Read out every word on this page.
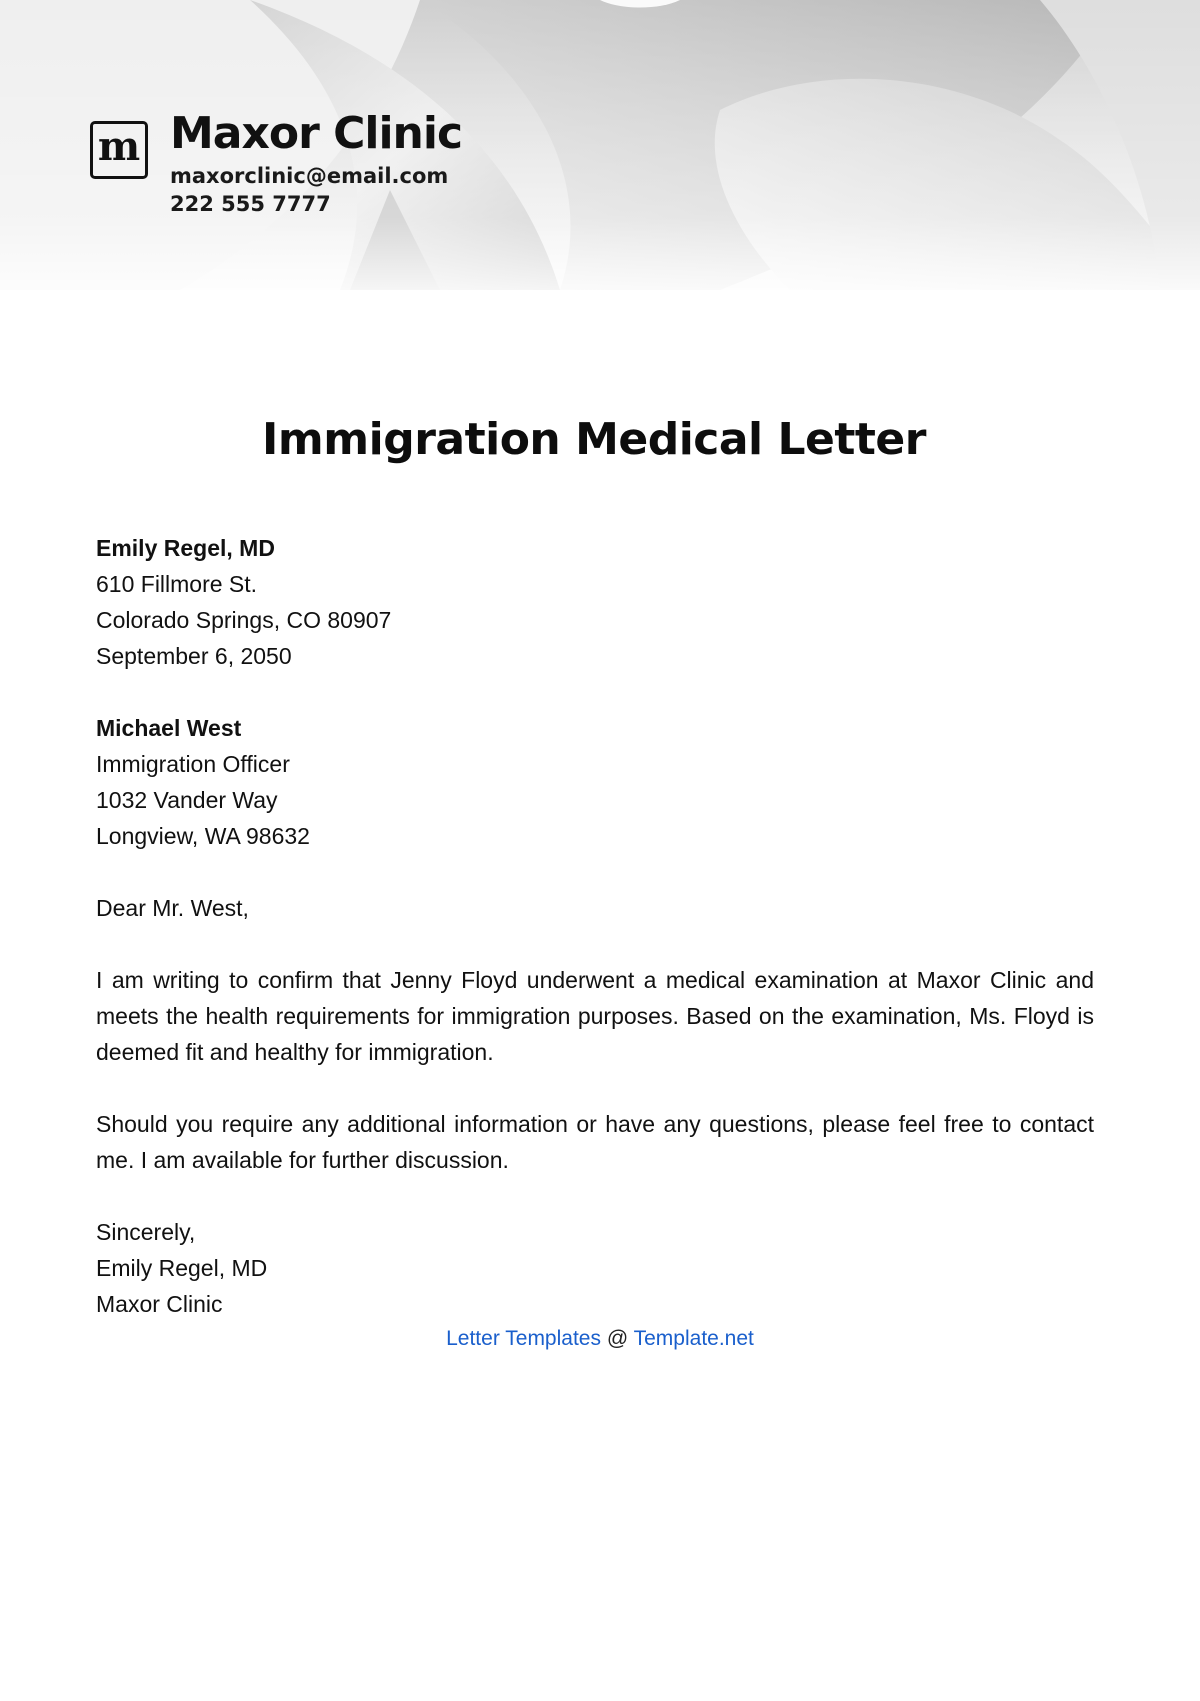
m Maxor Clinic
maxorclinic@email.com
222 555 7777
Immigration Medical Letter
Emily Regel, MD
610 Fillmore St.
Colorado Springs, CO 80907
September 6, 2050
Michael West
Immigration Officer
1032 Vander Way
Longview, WA 98632
Dear Mr. West,
I am writing to confirm that Jenny Floyd underwent a medical examination at Maxor Clinic and meets the health requirements for immigration purposes. Based on the examination, Ms. Floyd is deemed fit and healthy for immigration.
Should you require any additional information or have any questions, please feel free to contact me. I am available for further discussion.
Sincerely,
Emily Regel, MD
Maxor Clinic
Letter Templates @ Template.net
